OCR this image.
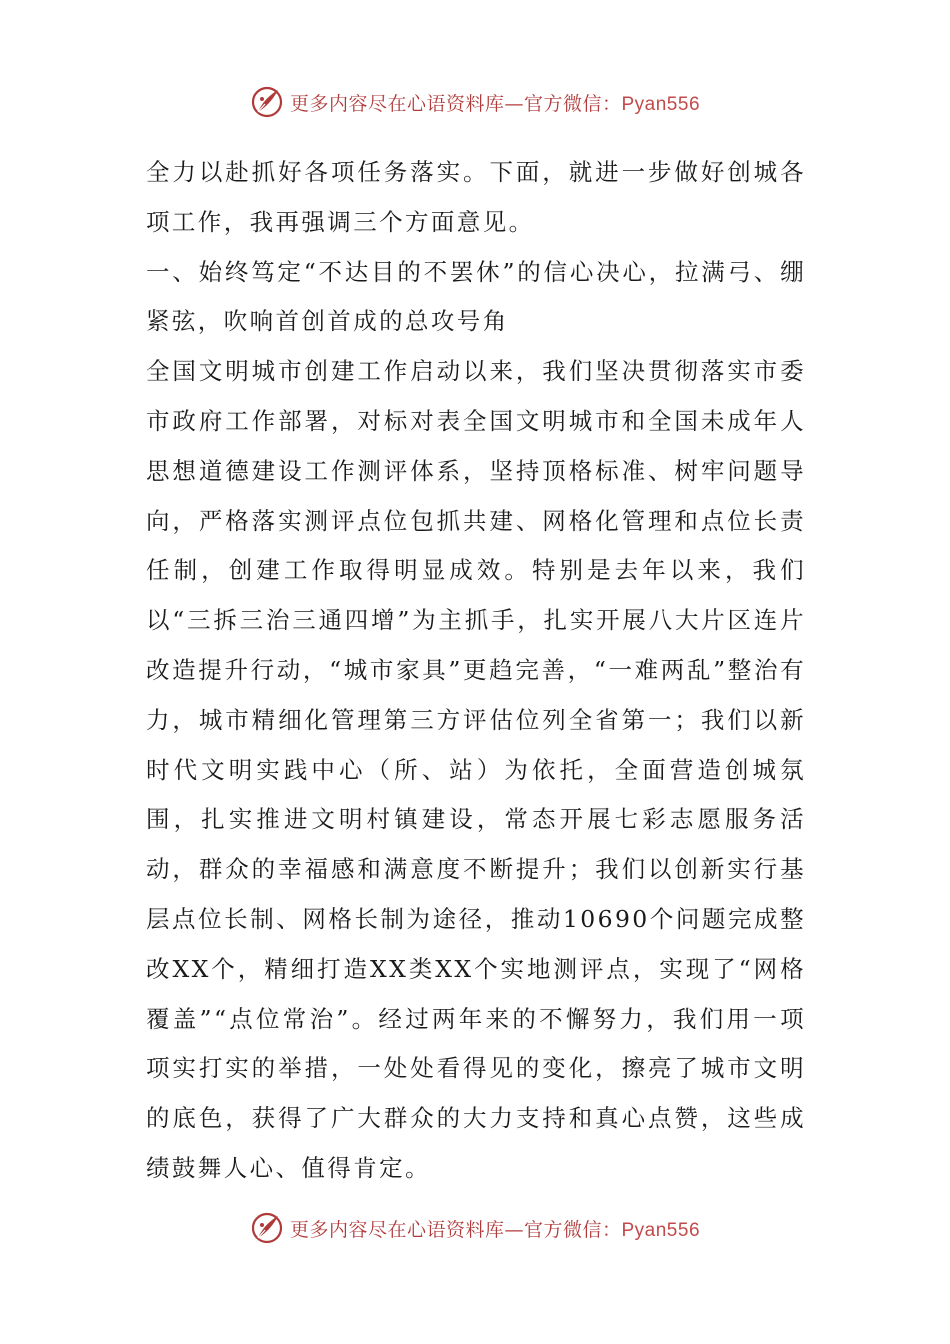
更多内容尽在心语资料库—官方微信：Pyan556

全力以赴抓好各项任务落实。下面，就进一步做好创城各项工作，我再强调三个方面意见。

一、始终笃定“不达目的不罢休”的信心决心，拉满弓、绷紧弦，吹响首创首成的总攻号角

全国文明城市创建工作启动以来，我们坚决贯彻落实市委市政府工作部署，对标对表全国文明城市和全国未成年人思想道德建设工作测评体系，坚持顶格标准、树牢问题导向，严格落实测评点位包抓共建、网格化管理和点位长责任制，创建工作取得明显成效。特别是去年以来，我们以“三拆三治三通四增”为主抓手，扎实开展八大片区连片改造提升行动，“城市家具”更趋完善，“一难两乱”整治有力，城市精细化管理第三方评估位列全省第一；我们以新时代文明实践中心（所、站）为依托，全面营造创城氛围，扎实推进文明村镇建设，常态开展七彩志愿服务活动，群众的幸福感和满意度不断提升；我们以创新实行基层点位长制、网格长制为途径，推动10690个问题完成整改XX个，精细打造XX类XX个实地测评点，实现了“网格覆盖”“点位常治”。经过两年来的不懈努力，我们用一项项实打实的举措，一处处看得见的变化，擦亮了城市文明的底色，获得了广大群众的大力支持和真心点赞，这些成绩鼓舞人心、值得肯定。

更多内容尽在心语资料库—官方微信：Pyan556
